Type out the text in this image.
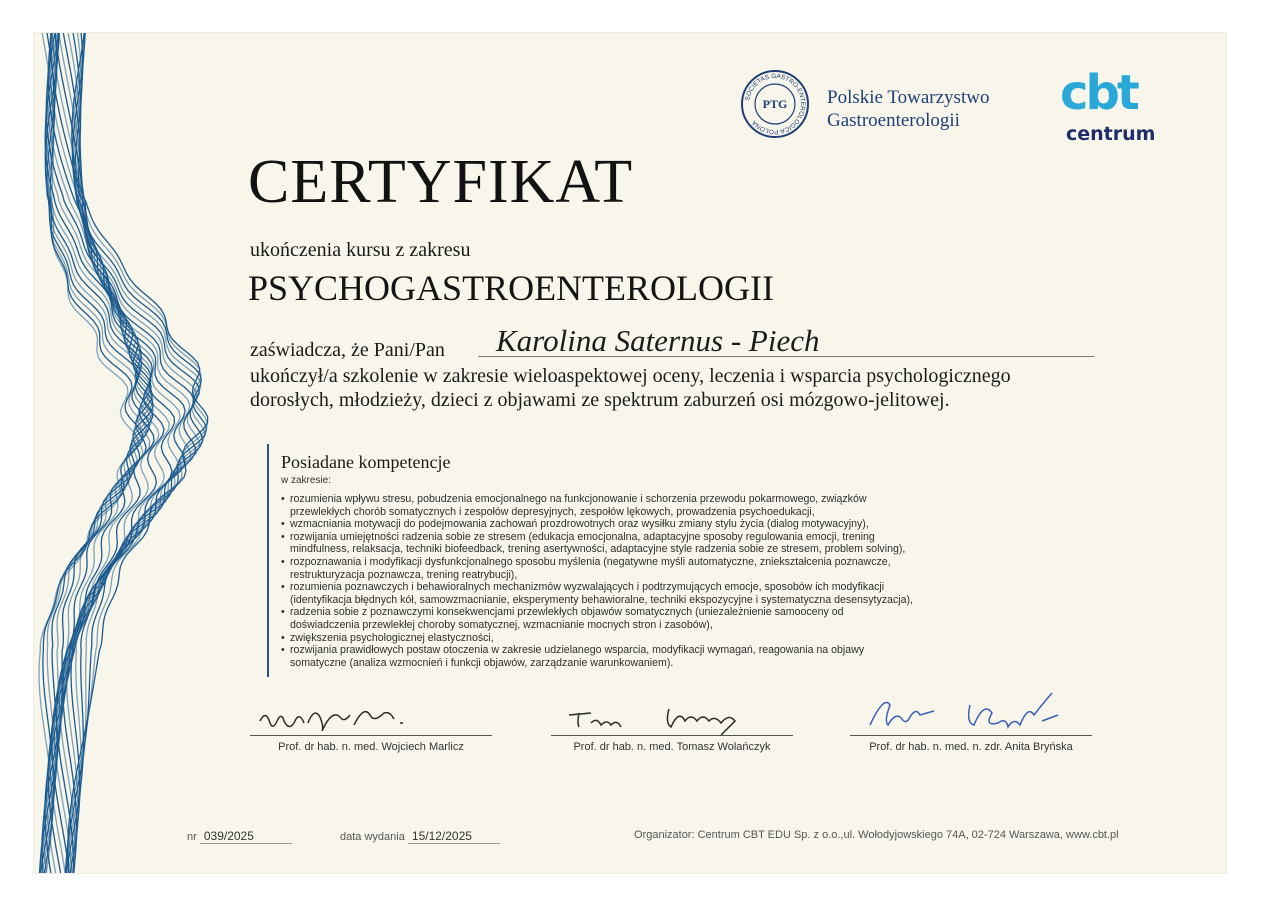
SOCIETAS GASTRO-ENTEROLOGICA POLONA
PTG Polskie Towarzystwo
Gastroenterologii	cbt
centrum
CERTYFIKAT
ukończenia kursu z zakresu
PSYCHOGASTROENTEROLOGII
zaświadcza, że Pani/Pan Karolina Saternus - Piech
ukończył/a szkolenie w zakresie wieloaspektowej oceny, leczenia i wsparcia psychologicznego
dorosłych, młodzieży, dzieci z objawami ze spektrum zaburzeń osi mózgowo-jelitowej.
Posiadane kompetencje
w zakresie:
• rozumienia wpływu stresu, pobudzenia emocjonalnego na funkcjonowanie i schorzenia przewodu pokarmowego, związków
przewlekłych chorób somatycznych i zespołów depresyjnych, zespołów lękowych, prowadzenia psychoedukacji,
• wzmacniania motywacji do podejmowania zachowań prozdrowotnych oraz wysiłku zmiany stylu życia (dialog motywacyjny),
• rozwijania umiejętności radzenia sobie ze stresem (edukacja emocjonalna, adaptacyjne sposoby regulowania emocji, trening
mindfulness, relaksacja, techniki biofeedback, trening asertywności, adaptacyjne style radzenia sobie ze stresem, problem solving),
• rozpoznawania i modyfikacji dysfunkcjonalnego sposobu myślenia (negatywne myśli automatyczne, zniekształcenia poznawcze,
restrukturyzacja poznawcza, trening reatrybucji),
• rozumienia poznawczych i behawioralnych mechanizmów wyzwalających i podtrzymujących emocje, sposobów ich modyfikacji
(identyfikacja błędnych kół, samowzmacnianie, eksperymenty behawioralne, techniki ekspozycyjne i systematyczna desensytyzacja),
• radzenia sobie z poznawczymi konsekwencjami przewlekłych objawów somatycznych (uniezależnienie samooceny od
doświadczenia przewlekłej choroby somatycznej, wzmacnianie mocnych stron i zasobów),
• zwiększenia psychologicznej elastyczności,
• rozwijania prawidłowych postaw otoczenia w zakresie udzielanego wsparcia, modyfikacji wymagań, reagowania na objawy
somatyczne (analiza wzmocnień i funkcji objawów, zarządzanie warunkowaniem).
Prof. dr hab. n. med. Wojciech Marlicz	Prof. dr hab. n. med. Tomasz Wolańczyk	Prof. dr hab. n. med. n. zdr. Anita Bryńska
nr 039/2025	data wydania 15/12/2025	Organizator: Centrum CBT EDU Sp. z o.o.,ul. Wołodyjowskiego 74A, 02-724 Warszawa, www.cbt.pl
